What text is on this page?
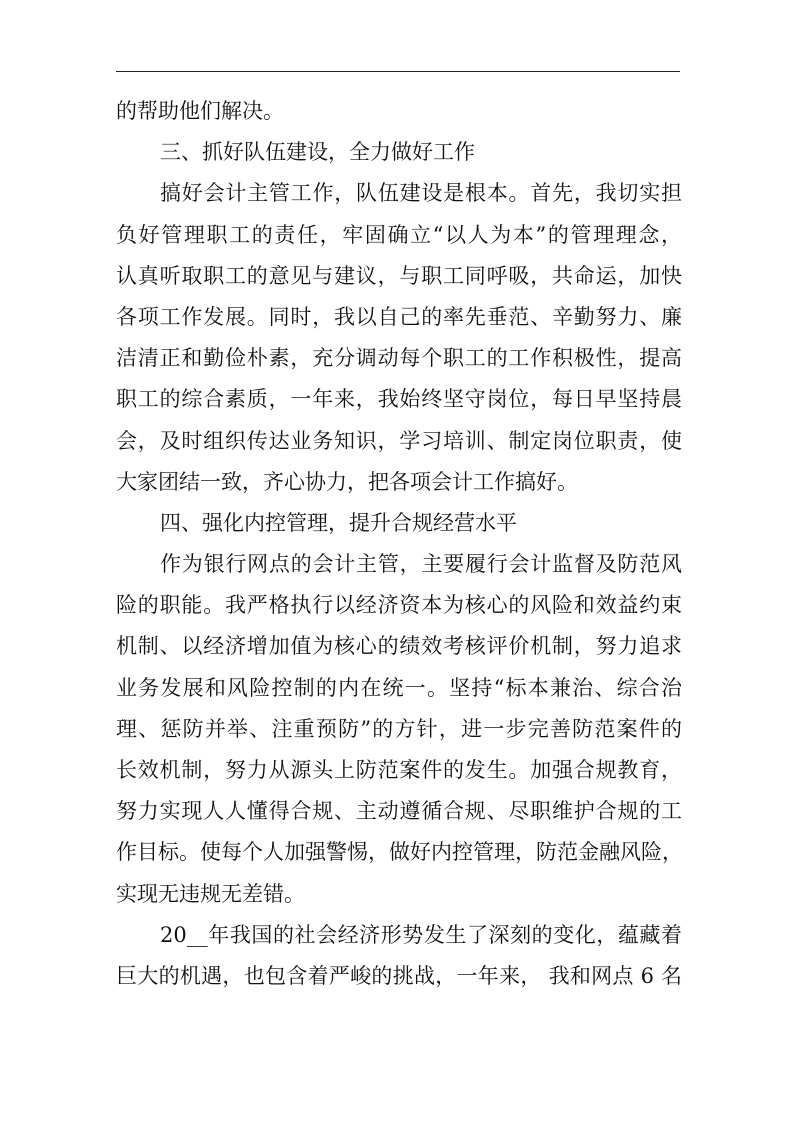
的帮助他们解决。
三、抓好队伍建设，全力做好工作
搞好会计主管工作，队伍建设是根本。首先，我切实担
负好管理职工的责任，牢固确立“以人为本”的管理理念，
认真听取职工的意见与建议，与职工同呼吸，共命运，加快
各项工作发展。同时，我以自己的率先垂范、辛勤努力、廉
洁清正和勤俭朴素，充分调动每个职工的工作积极性，提高
职工的综合素质，一年来，我始终坚守岗位，每日早坚持晨
会，及时组织传达业务知识，学习培训、制定岗位职责，使
大家团结一致，齐心协力，把各项会计工作搞好。
四、强化内控管理，提升合规经营水平
作为银行网点的会计主管，主要履行会计监督及防范风
险的职能。我严格执行以经济资本为核心的风险和效益约束
机制、以经济增加值为核心的绩效考核评价机制，努力追求
业务发展和风险控制的内在统一。坚持“标本兼治、综合治
理、惩防并举、注重预防”的方针，进一步完善防范案件的
长效机制，努力从源头上防范案件的发生。加强合规教育，
努力实现人人懂得合规、主动遵循合规、尽职维护合规的工
作目标。使每个人加强警惕，做好内控管理，防范金融风险，
实现无违规无差错。
20__年我国的社会经济形势发生了深刻的变化，蕴藏着
巨大的机遇，也包含着严峻的挑战，一年来， 我和网点 6 名
